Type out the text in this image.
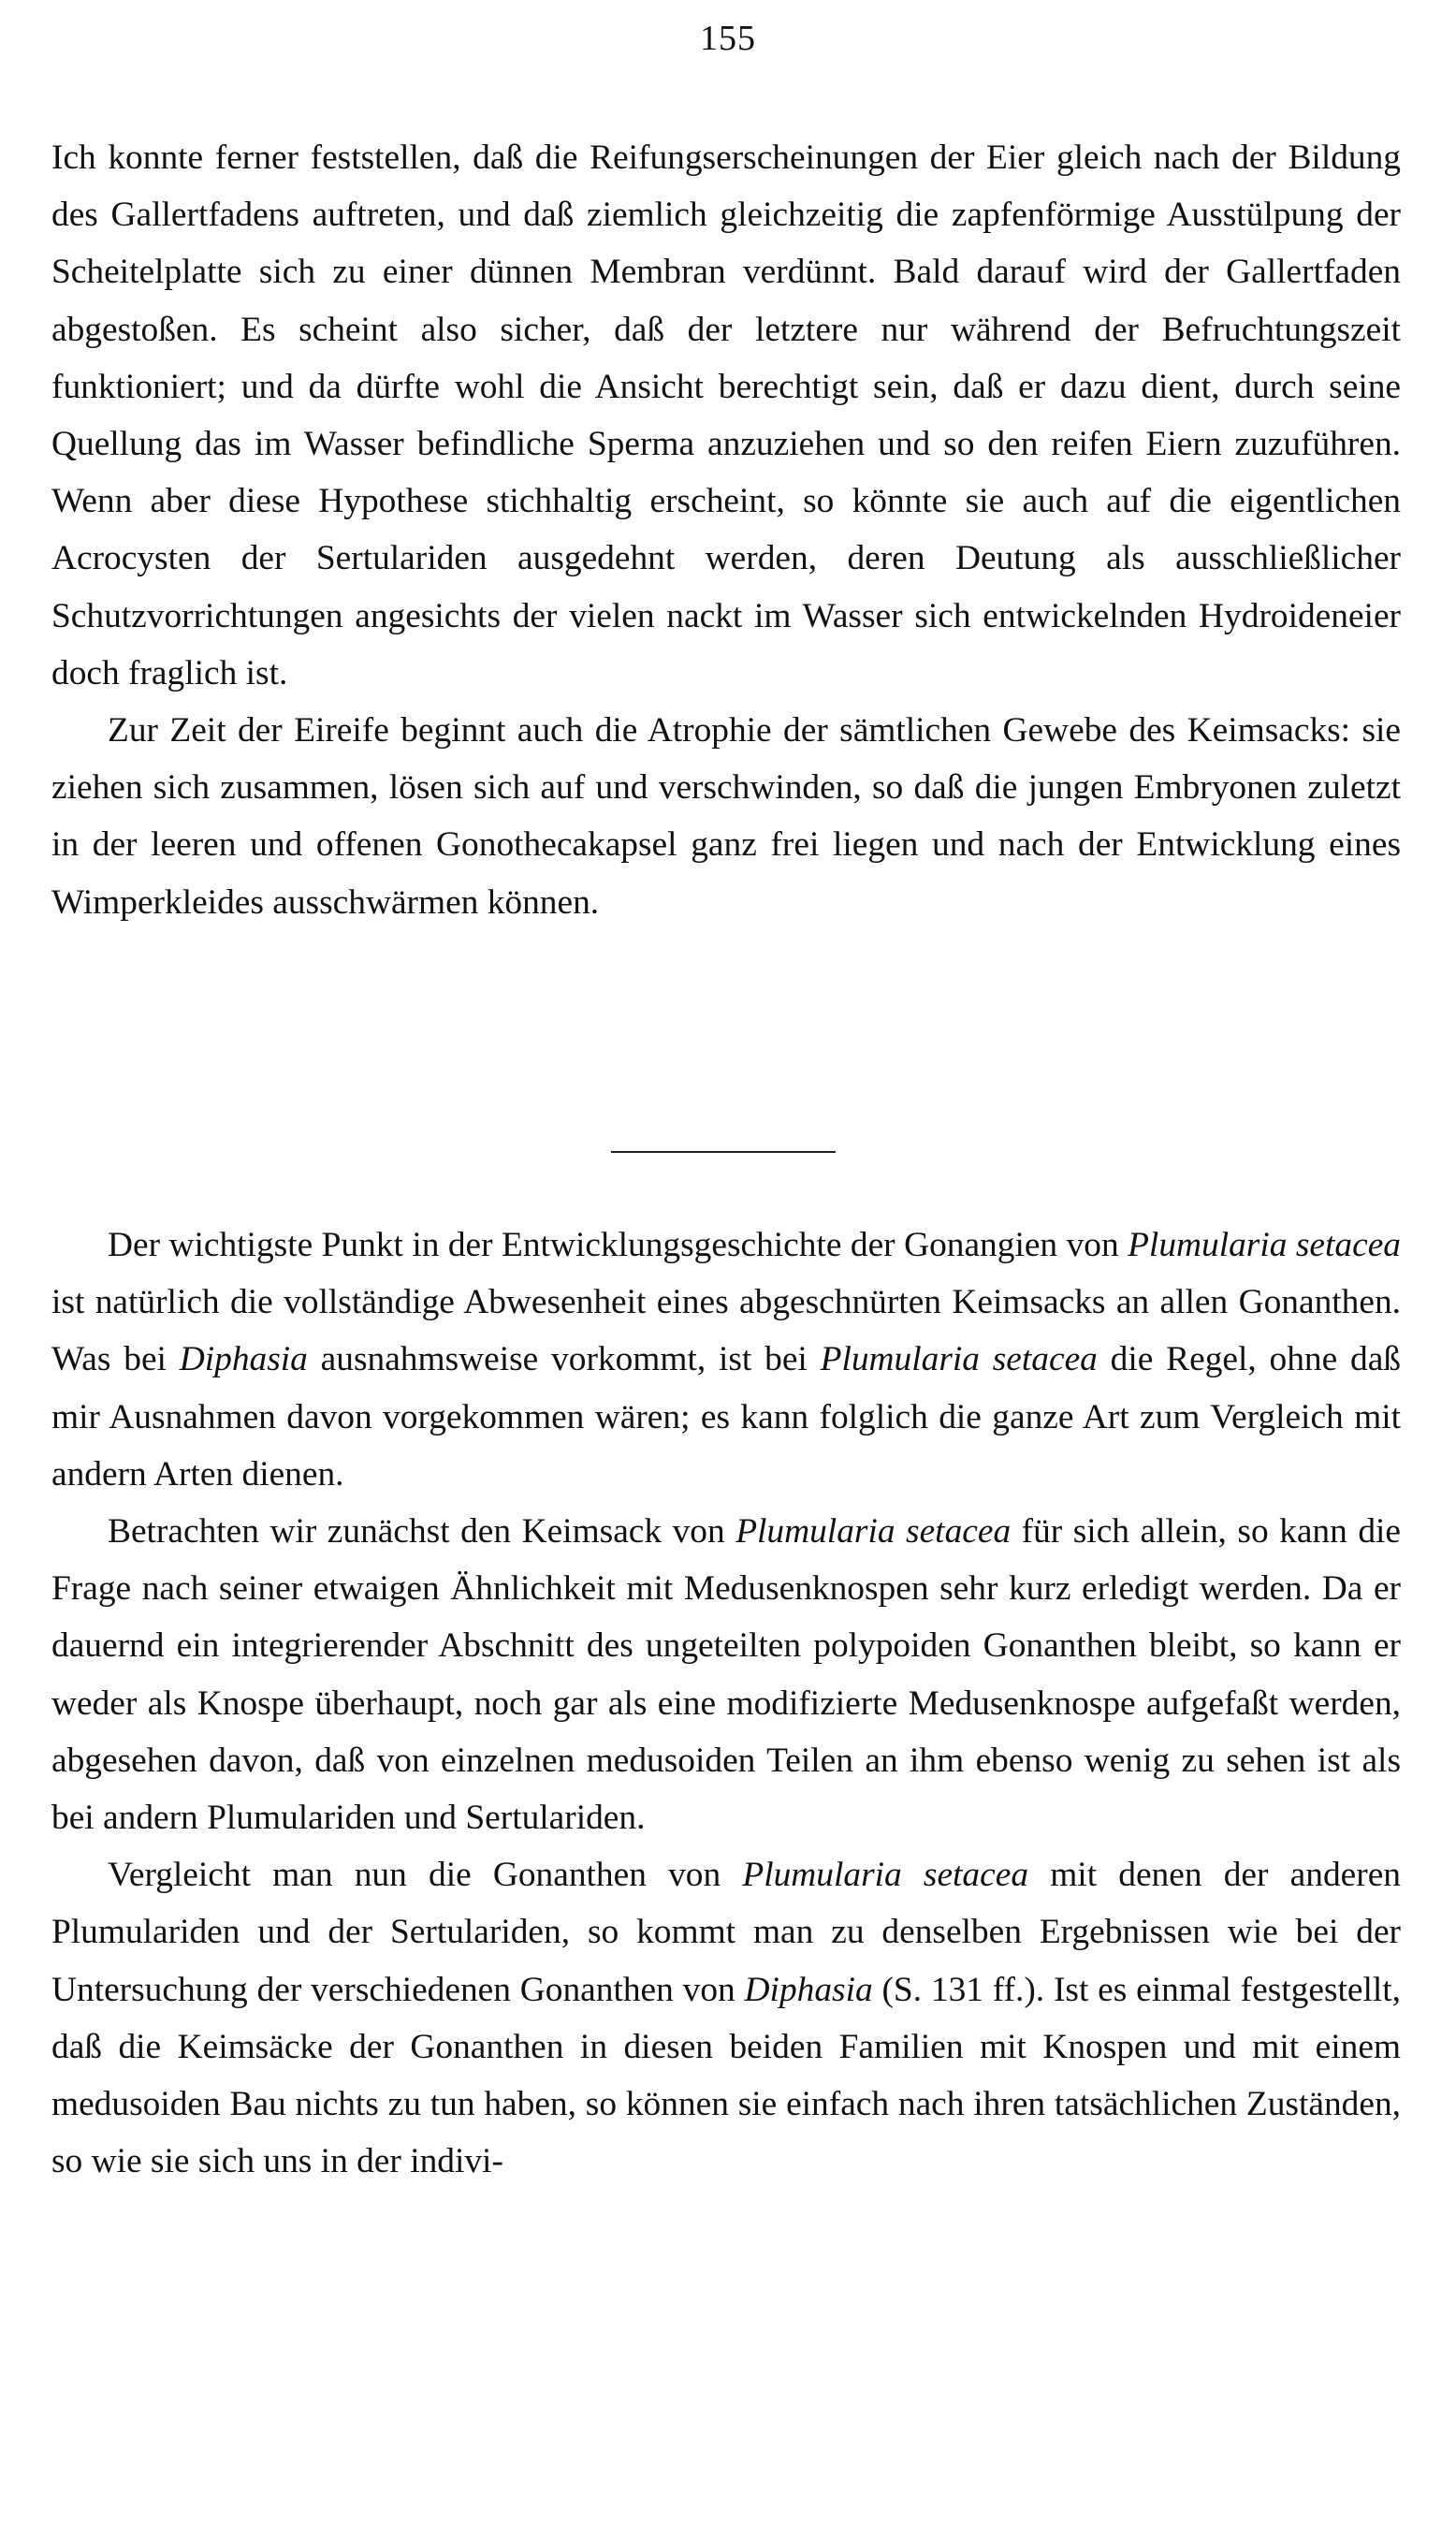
155

Ich konnte ferner feststellen, daß die Reifungserscheinungen der Eier gleich nach der Bildung des Gallertfadens auftreten, und daß ziemlich gleichzeitig die zapfenförmige Ausstülpung der Scheitelplatte sich zu einer dünnen Membran verdünnt. Bald darauf wird der Gallertfaden abgestoßen. Es scheint also sicher, daß der letztere nur während der Befruchtungszeit funktioniert; und da dürfte wohl die Ansicht berechtigt sein, daß er dazu dient, durch seine Quellung das im Wasser befindliche Sperma anzuziehen und so den reifen Eiern zuzuführen. Wenn aber diese Hypothese stichhaltig erscheint, so könnte sie auch auf die eigentlichen Acrocysten der Sertulariden ausgedehnt werden, deren Deutung als ausschließlicher Schutzvorrichtungen angesichts der vielen nackt im Wasser sich entwickelnden Hydroideneier doch fraglich ist.

Zur Zeit der Eireife beginnt auch die Atrophie der sämtlichen Gewebe des Keimsacks: sie ziehen sich zusammen, lösen sich auf und verschwinden, so daß die jungen Embryonen zuletzt in der leeren und offenen Gonothecakapsel ganz frei liegen und nach der Entwicklung eines Wimperkleides ausschwärmen können.

Der wichtigste Punkt in der Entwicklungsgeschichte der Gonangien von Plumularia setacea ist natürlich die vollständige Abwesenheit eines abgeschnürten Keimsacks an allen Gonanthen. Was bei Diphasia ausnahmsweise vorkommt, ist bei Plumularia setacea die Regel, ohne daß mir Ausnahmen davon vorgekommen wären; es kann folglich die ganze Art zum Vergleich mit andern Arten dienen.

Betrachten wir zunächst den Keimsack von Plumularia setacea für sich allein, so kann die Frage nach seiner etwaigen Ähnlichkeit mit Medusenknospen sehr kurz erledigt werden. Da er dauernd ein integrierender Abschnitt des ungeteilten polypoiden Gonanthen bleibt, so kann er weder als Knospe überhaupt, noch gar als eine modifizierte Medusenknospe aufgefaßt werden, abgesehen davon, daß von einzelnen medusoiden Teilen an ihm ebenso wenig zu sehen ist als bei andern Plumulariden und Sertulariden.

Vergleicht man nun die Gonanthen von Plumularia setacea mit denen der anderen Plumulariden und der Sertulariden, so kommt man zu denselben Ergebnissen wie bei der Untersuchung der verschiedenen Gonanthen von Diphasia (S. 131 ff.). Ist es einmal festgestellt, daß die Keimsäcke der Gonanthen in diesen beiden Familien mit Knospen und mit einem medusoiden Bau nichts zu tun haben, so können sie einfach nach ihren tatsächlichen Zuständen, so wie sie sich uns in der indivi-
